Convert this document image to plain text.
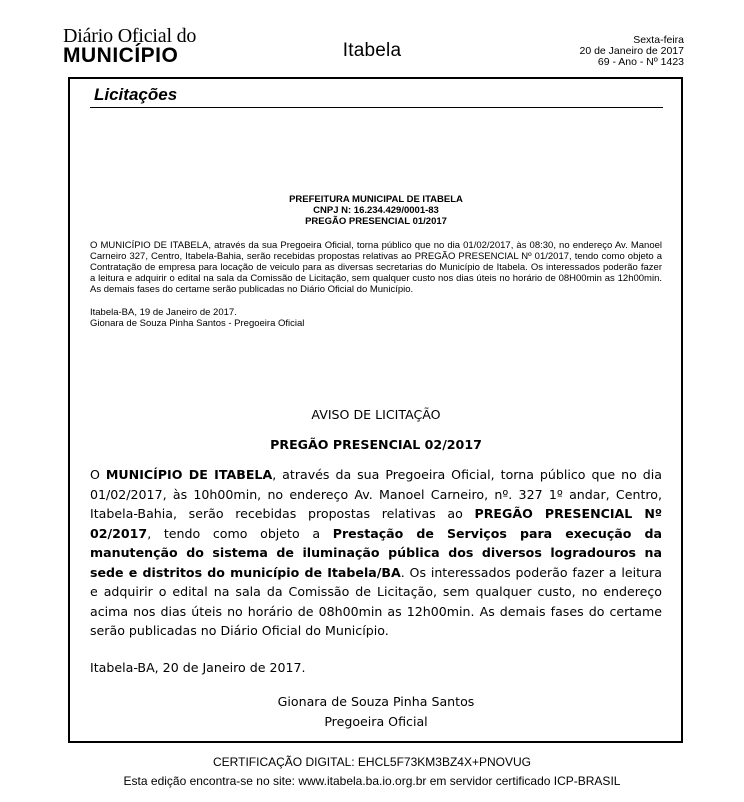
Diário Oficial do
MUNICÍPIO	Itabela	Sexta-feira
20 de Janeiro de 2017
69 - Ano - Nº 1423
Licitações
PREFEITURA MUNICIPAL DE ITABELA
CNPJ N: 16.234.429/0001-83
PREGÃO PRESENCIAL 01/2017
O MUNICÍPIO DE ITABELA, através da sua Pregoeira Oficial, torna público que no dia 01/02/2017, às 08:30, no endereço Av. Manoel Carneiro 327, Centro, Itabela-Bahia, serão recebidas propostas relativas ao PREGÃO PRESENCIAL Nº 01/2017, tendo como objeto a Contratação de empresa para locação de veiculo para as diversas secretarias do Município de Itabela. Os interessados poderão fazer a leitura e adquirir o edital na sala da Comissão de Licitação, sem qualquer custo nos dias úteis no horário de 08H00min as 12h00min. As demais fases do certame serão publicadas no Diário Oficial do Município.
Itabela-BA, 19 de Janeiro de 2017.
Gionara de Souza Pinha Santos - Pregoeira Oficial
AVISO DE LICITAÇÃO
PREGÃO PRESENCIAL 02/2017
O MUNICÍPIO DE ITABELA, através da sua Pregoeira Oficial, torna público que no dia 01/02/2017, às 10h00min, no endereço Av. Manoel Carneiro, nº. 327 1º andar, Centro, Itabela-Bahia, serão recebidas propostas relativas ao PREGÃO PRESENCIAL Nº 02/2017, tendo como objeto a Prestação de Serviços para execução da manutenção do sistema de iluminação pública dos diversos logradouros na sede e distritos do município de Itabela/BA. Os interessados poderão fazer a leitura e adquirir o edital na sala da Comissão de Licitação, sem qualquer custo, no endereço acima nos dias úteis no horário de 08h00min as 12h00min. As demais fases do certame serão publicadas no Diário Oficial do Município.
Itabela-BA, 20 de Janeiro de 2017.
Gionara de Souza Pinha Santos
Pregoeira Oficial
CERTIFICAÇÃO DIGITAL: EHCL5F73KM3BZ4X+PNOVUG
Esta edição encontra-se no site: www.itabela.ba.io.org.br em servidor certificado ICP-BRASIL
